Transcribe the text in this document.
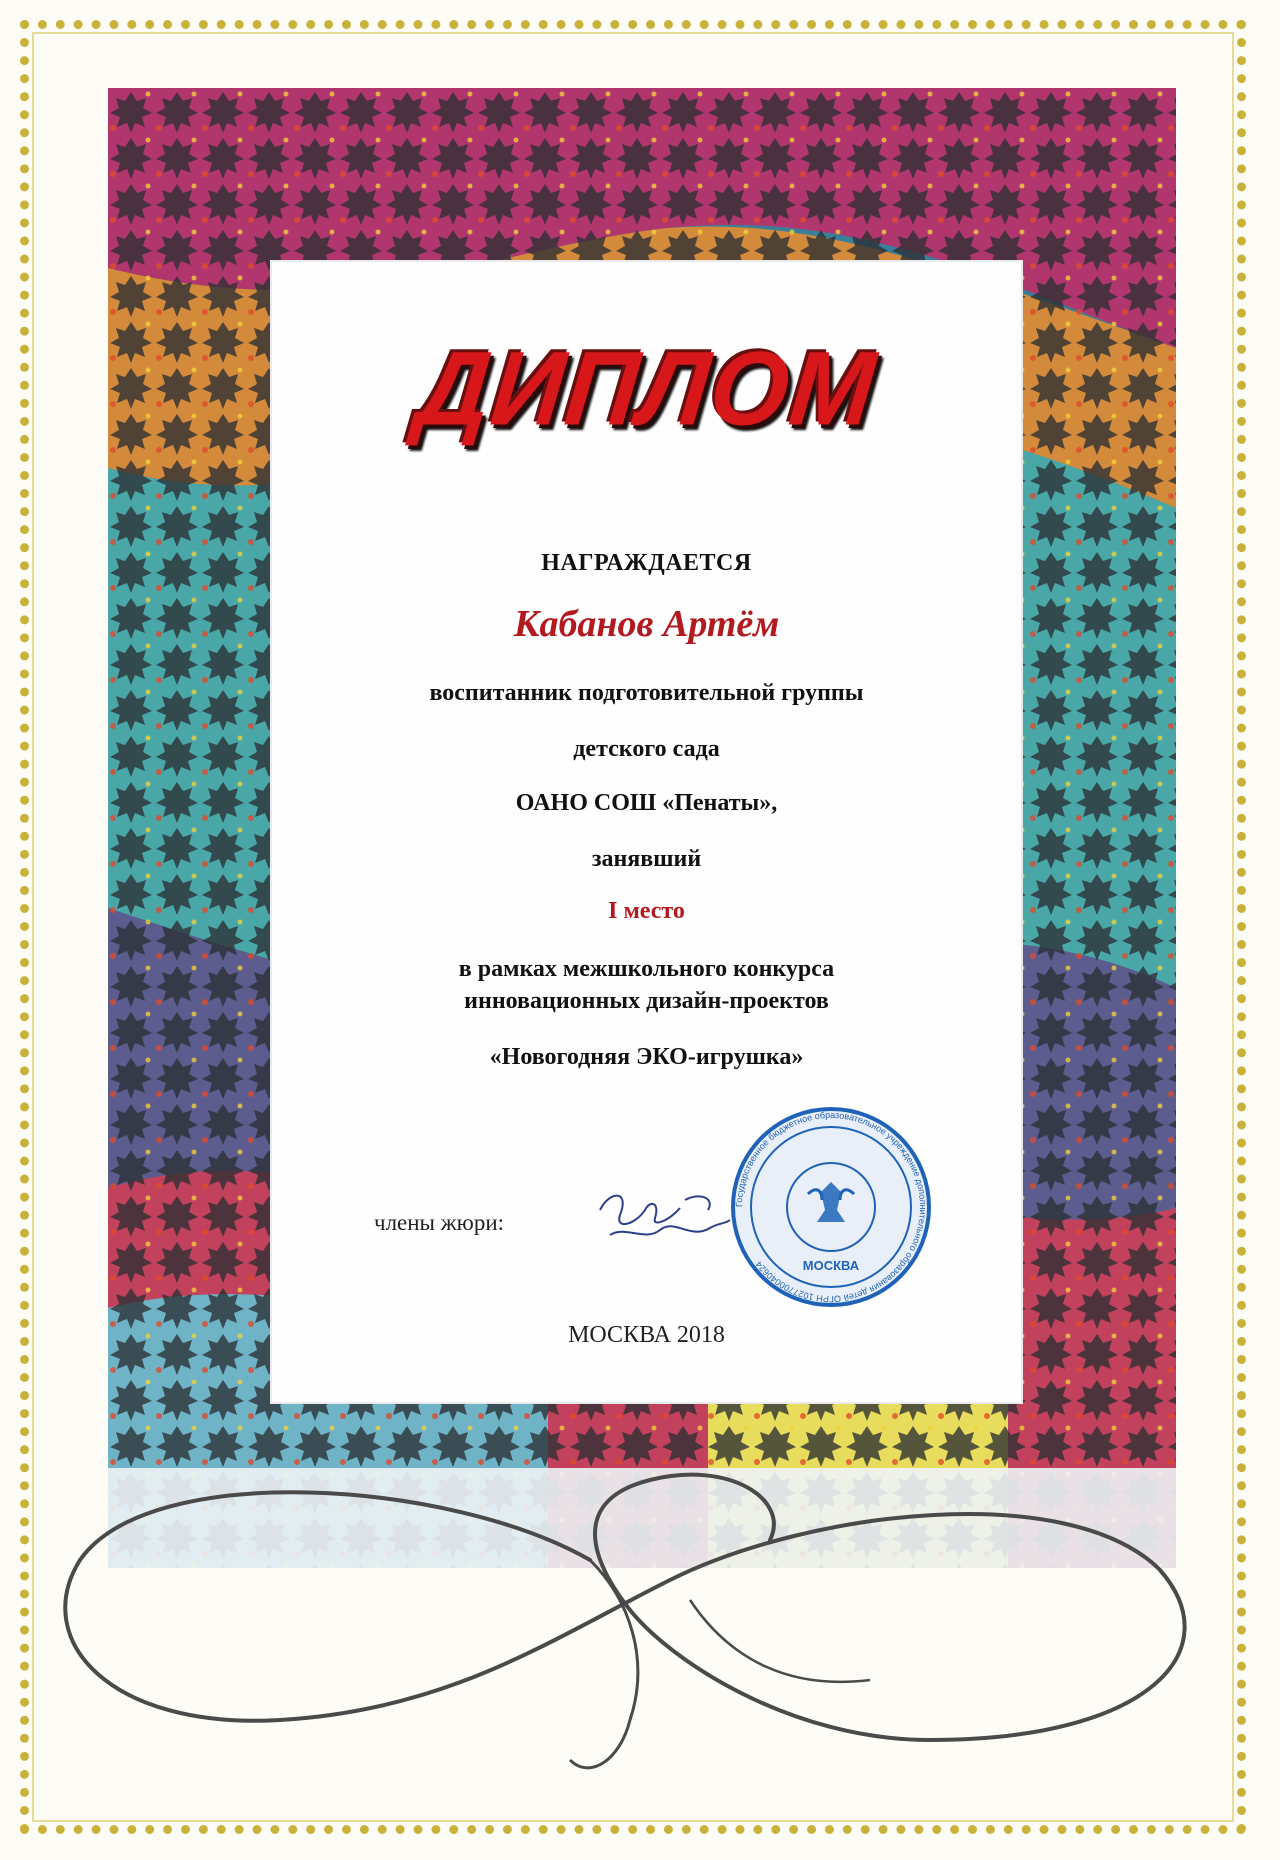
ДИПЛОМ
НАГРАЖДАЕТСЯ
Кабанов Артём
воспитанник подготовительной группы
детского сада
ОАНО СОШ «Пенаты»,
занявший
I место
в рамках межшкольного конкурса
инновационных дизайн-проектов
«Новогодняя ЭКО-игрушка»
члены жюри:
Государственное бюджетное образовательное учреждение дополнительного образования детей ОГРН 1027700040624	МОСКВА
МОСКВА 2018
